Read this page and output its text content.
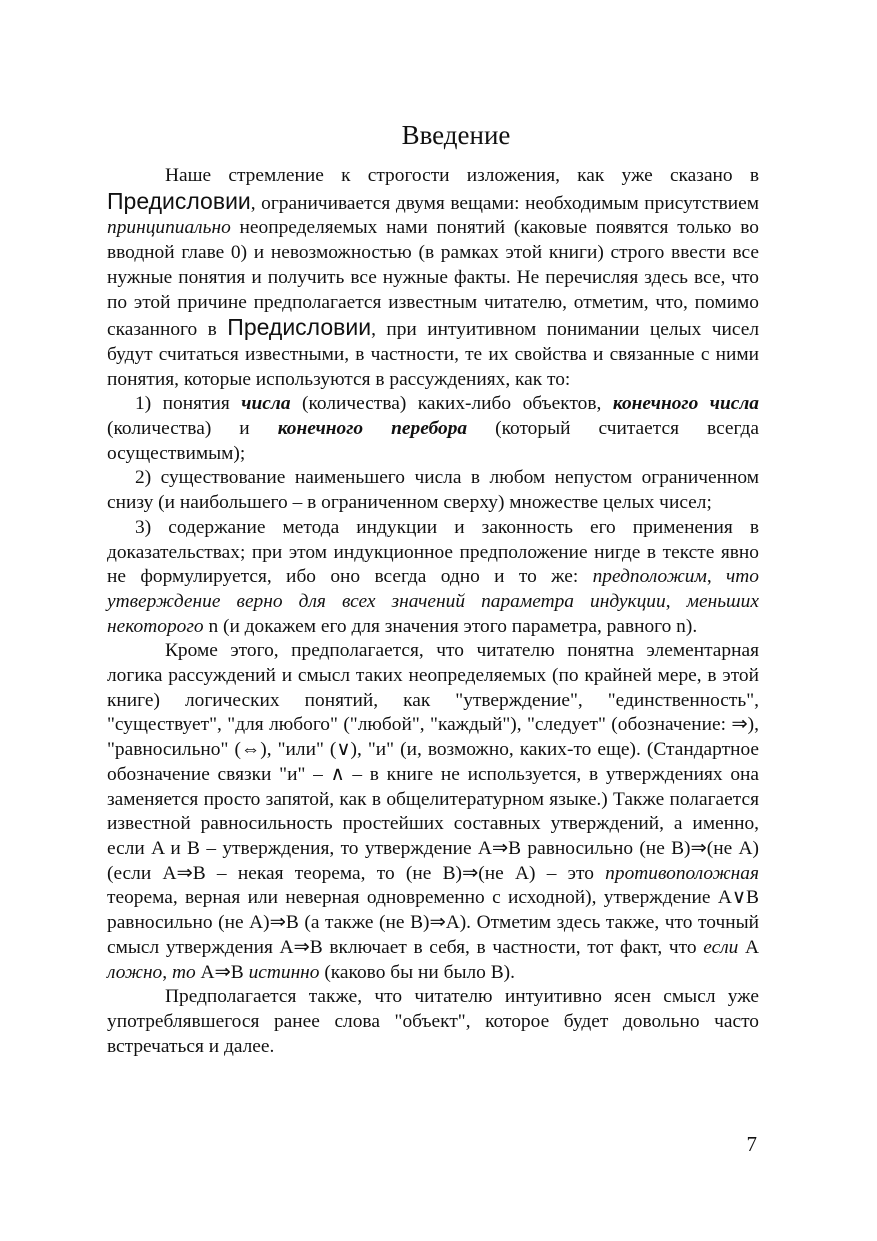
Введение

Наше стремление к строгости изложения, как уже сказано в Предисловии, ограничивается двумя вещами: необходимым присутствием принципиально неопределяемых нами понятий (каковые появятся только во вводной главе 0) и невозможностью (в рамках этой книги) строго ввести все нужные понятия и получить все нужные факты. Не перечисляя здесь все, что по этой причине предполагается известным читателю, отметим, что, помимо сказанного в Предисловии, при интуитивном понимании целых чисел будут считаться известными, в частности, те их свойства и связанные с ними понятия, которые используются в рассуждениях, как то:

1) понятия числа (количества) каких-либо объектов, конечного числа (количества) и конечного перебора (который считается всегда осуществимым);

2) существование наименьшего числа в любом непустом ограниченном снизу (и наибольшего – в ограниченном сверху) множестве целых чисел;

3) содержание метода индукции и законность его применения в доказательствах; при этом индукционное предположение нигде в тексте явно не формулируется, ибо оно всегда одно и то же: предположим, что утверждение верно для всех значений параметра индукции, меньших некоторого n (и докажем его для значения этого параметра, равного n).

Кроме этого, предполагается, что читателю понятна элементарная логика рассуждений и смысл таких неопределяемых (по крайней мере, в этой книге) логических понятий, как "утверждение", "единственность", "существует", "для любого" ("любой", "каждый"), "следует" (обозначение: ⇒), "равносильно" (⇔), "или" (∨), "и" (и, возможно, каких-то еще). (Стандартное обозначение связки "и" – ∧ – в книге не используется, в утверждениях она заменяется просто запятой, как в общелитературном языке.) Также полагается известной равносильность простейших составных утверждений, а именно, если A и B – утверждения, то утверждение A⇒B равносильно (не B)⇒(не A) (если A⇒B – некая теорема, то (не B)⇒(не A) – это противоположная теорема, верная или неверная одновременно с исходной), утверждение A∨B равносильно (не A)⇒B (а также (не B)⇒A). Отметим здесь также, что точный смысл утверждения A⇒B включает в себя, в частности, тот факт, что если A ложно, то A⇒B истинно (каково бы ни было B).

Предполагается также, что читателю интуитивно ясен смысл уже употреблявшегося ранее слова "объект", которое будет довольно часто встречаться и далее.

7
